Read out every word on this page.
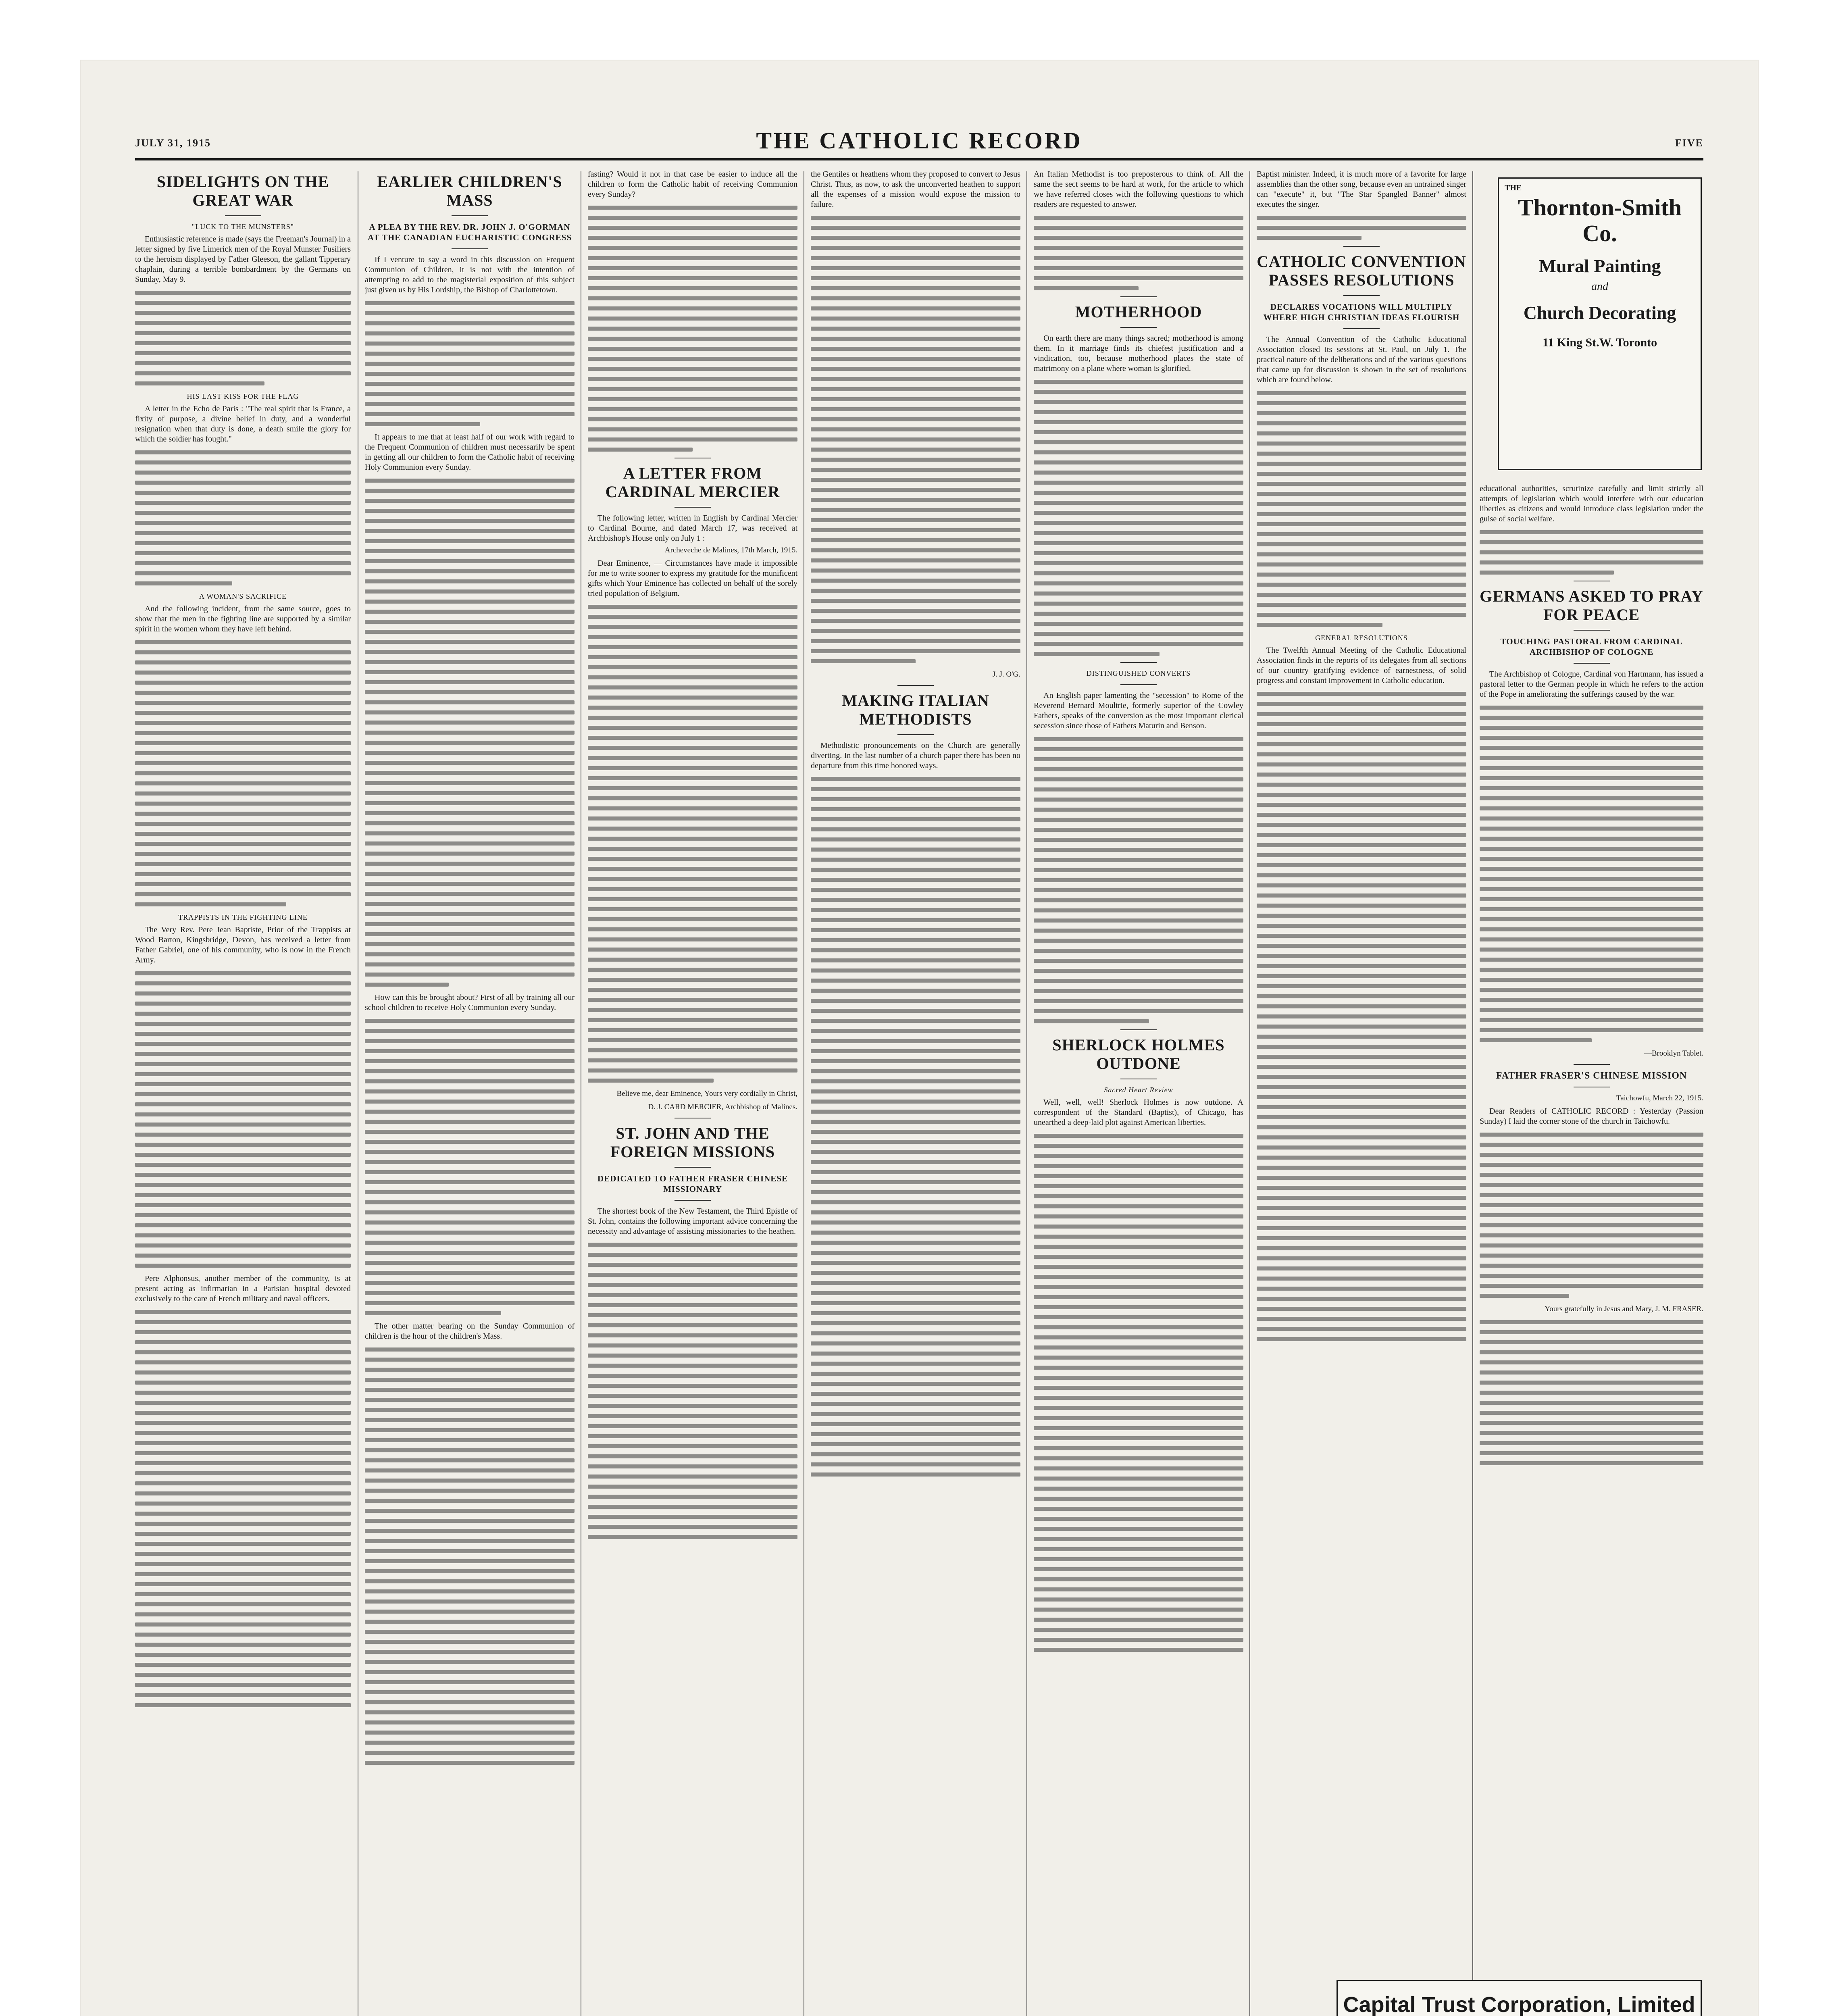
JULY 31, 1915	THE CATHOLIC RECORD	FIVE
SIDELIGHTS ON THE GREAT WAR
"LUCK TO THE MUNSTERS"

Enthusiastic reference is made (says the Freeman's Journal) in a letter signed by five Limerick men of the Royal Munster Fusiliers to the heroism displayed by Father Gleeson, the gallant Tipperary chaplain, during a terrible bombardment by the Germans on Sunday, May 9.

HIS LAST KISS FOR THE FLAG

A letter in the Echo de Paris : "The real spirit that is France, a fixity of purpose, a divine belief in duty, and a wonderful resignation when that duty is done, a death smile the glory for which the soldier has fought."

A WOMAN'S SACRIFICE

And the following incident, from the same source, goes to show that the men in the fighting line are supported by a similar spirit in the women whom they have left behind.

TRAPPISTS IN THE FIGHTING LINE

The Very Rev. Pere Jean Baptiste, Prior of the Trappists at Wood Barton, Kingsbridge, Devon, has received a letter from Father Gabriel, one of his community, who is now in the French Army.

Pere Alphonsus, another member of the community, is at present acting as infirmarian in a Parisian hospital devoted exclusively to the care of French military and naval officers.

EARLIER CHILDREN'S MASS
A PLEA BY THE REV. DR. JOHN J. O'GORMAN AT THE CANADIAN EUCHARISTIC CONGRESS

If I venture to say a word in this discussion on Frequent Communion of Children, it is not with the intention of attempting to add to the magisterial exposition of this subject just given us by His Lordship, the Bishop of Charlottetown.

It appears to me that at least half of our work with regard to the Frequent Communion of children must necessarily be spent in getting all our children to form the Catholic habit of receiving Holy Communion every Sunday.

How can this be brought about? First of all by training all our school children to receive Holy Communion every Sunday.

The other matter bearing on the Sunday Communion of children is the hour of the children's Mass.

fasting? Would it not in that case be easier to induce all the children to form the Catholic habit of receiving Communion every Sunday?

A LETTER FROM CARDINAL MERCIER

The following letter, written in English by Cardinal Mercier to Cardinal Bourne, and dated March 17, was received at Archbishop's House only on July 1 :

Archeveche de Malines, 17th March, 1915.

Dear Eminence, — Circumstances have made it impossible for me to write sooner to express my gratitude for the munificent gifts which Your Eminence has collected on behalf of the sorely tried population of Belgium.

Believe me, dear Eminence, Yours very cordially in Christ,
D. J. CARD MERCIER, Archbishop of Malines.
ST. JOHN AND THE FOREIGN MISSIONS
DEDICATED TO FATHER FRASER CHINESE MISSIONARY

The shortest book of the New Testament, the Third Epistle of St. John, contains the following important advice concerning the necessity and advantage of assisting missionaries to the heathen.

the Gentiles or heathens whom they proposed to convert to Jesus Christ. Thus, as now, to ask the unconverted heathen to support all the expenses of a mission would expose the mission to failure.

J. J. O'G.
MAKING ITALIAN METHODISTS

Methodistic pronouncements on the Church are generally diverting. In the last number of a church paper there has been no departure from this time honored ways.

An Italian Methodist is too preposterous to think of. All the same the sect seems to be hard at work, for the article to which we have referred closes with the following questions to which readers are requested to answer.

MOTHERHOOD

On earth there are many things sacred; motherhood is among them. In it marriage finds its chiefest justification and a vindication, too, because motherhood places the state of matrimony on a plane where woman is glorified.

DISTINGUISHED CONVERTS

An English paper lamenting the "secession" to Rome of the Reverend Bernard Moultrie, formerly superior of the Cowley Fathers, speaks of the conversion as the most important clerical secession since those of Fathers Maturin and Benson.

SHERLOCK HOLMES OUTDONE
Sacred Heart Review

Well, well, well! Sherlock Holmes is now outdone. A correspondent of the Standard (Baptist), of Chicago, has unearthed a deep-laid plot against American liberties.

Baptist minister. Indeed, it is much more of a favorite for large assemblies than the other song, because even an untrained singer can "execute" it, but "The Star Spangled Banner" almost executes the singer.

CATHOLIC CONVENTION PASSES RESOLUTIONS
DECLARES VOCATIONS WILL MULTIPLY WHERE HIGH CHRISTIAN IDEAS FLOURISH

The Annual Convention of the Catholic Educational Association closed its sessions at St. Paul, on July 1. The practical nature of the deliberations and of the various questions that came up for discussion is shown in the set of resolutions which are found below.

GENERAL RESOLUTIONS

The Twelfth Annual Meeting of the Catholic Educational Association finds in the reports of its delegates from all sections of our country gratifying evidence of earnestness, of solid progress and constant improvement in Catholic education.

educational authorities, scrutinize carefully and limit strictly all attempts of legislation which would interfere with our education liberties as citizens and would introduce class legislation under the guise of social welfare.

GERMANS ASKED TO PRAY FOR PEACE
TOUCHING PASTORAL FROM CARDINAL ARCHBISHOP OF COLOGNE

The Archbishop of Cologne, Cardinal von Hartmann, has issued a pastoral letter to the German people in which he refers to the action of the Pope in ameliorating the sufferings caused by the war.

—Brooklyn Tablet.
FATHER FRASER'S CHINESE MISSION
Taichowfu, March 22, 1915.

Dear Readers of CATHOLIC RECORD : Yesterday (Passion Sunday) I laid the corner stone of the church in Taichowfu.

Yours gratefully in Jesus and Mary, J. M. FRASER.
THE
Thornton-Smith Co.
Mural Painting
and
Church Decorating
11 King St.W. Toronto
Capital Trust Corporation, Limited
